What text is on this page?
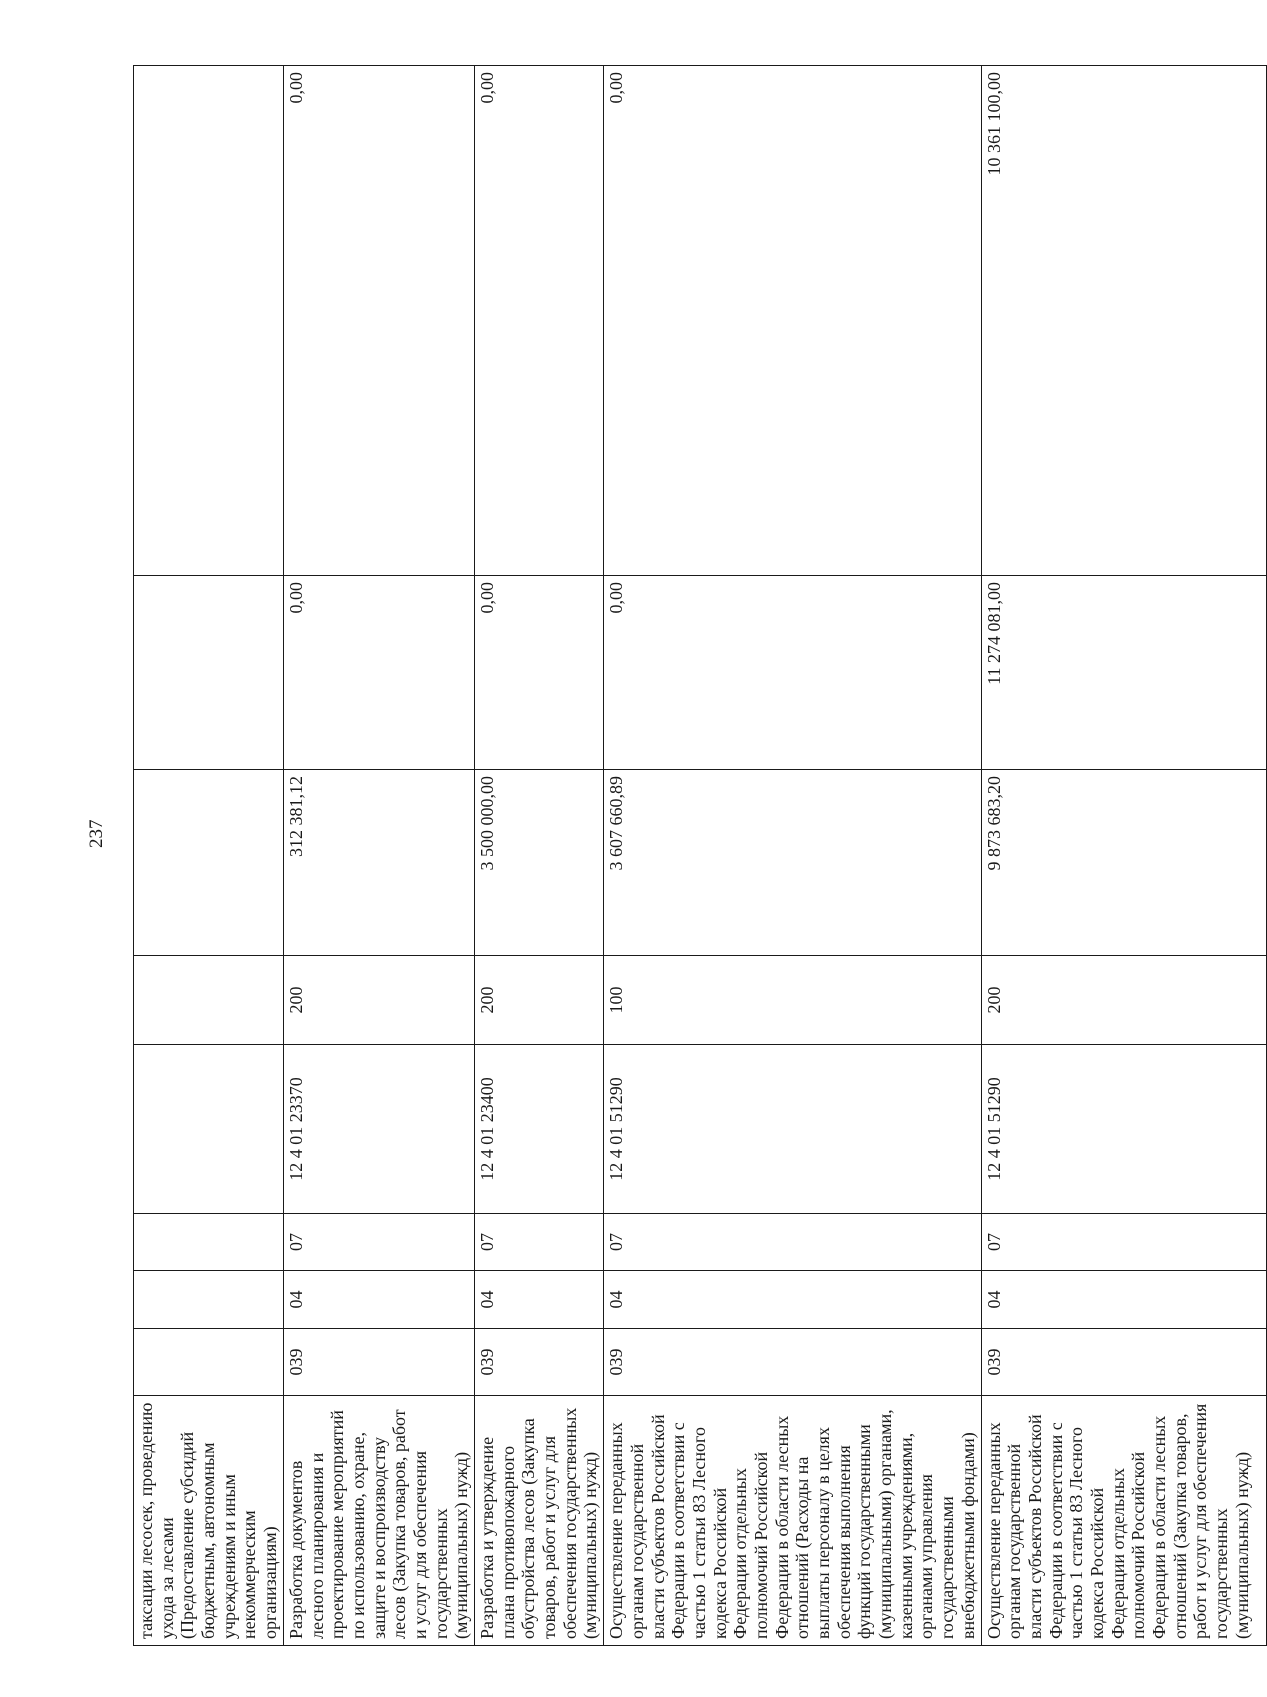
237
таксации лесосек, проведению ухода за лесами (Предоставление субсидий бюджетным, автономным учреждениям и иным некоммерческим организациям)								
Разработка документов лесного планирования и проектирование мероприятий по использованию, охране, защите и воспроизводству лесов (Закупка товаров, работ и услуг для обеспечения государственных (муниципальных) нужд)	039	04	07	12 4 01 23370	200	312 381,12	0,00	0,00
Разработка и утверждение плана противопожарного обустройства лесов (Закупка товаров, работ и услуг для обеспечения государственных (муниципальных) нужд)	039	04	07	12 4 01 23400	200	3 500 000,00	0,00	0,00
Осуществление переданных органам государственной власти субъектов Российской Федерации в соответствии с частью 1 статьи 83 Лесного кодекса Российской Федерации отдельных полномочий Российской Федерации в области лесных отношений (Расходы на выплаты персоналу в целях обеспечения выполнения функций государственными (муниципальными) органами, казенными учреждениями, органами управления государственными внебюджетными фондами)	039	04	07	12 4 01 51290	100	3 607 660,89	0,00	0,00
Осуществление переданных органам государственной власти субъектов Российской Федерации в соответствии с частью 1 статьи 83 Лесного кодекса Российской Федерации отдельных полномочий Российской Федерации в области лесных отношений (Закупка товаров, работ и услуг для обеспечения государственных (муниципальных) нужд)	039	04	07	12 4 01 51290	200	9 873 683,20	11 274 081,00	10 361 100,00
